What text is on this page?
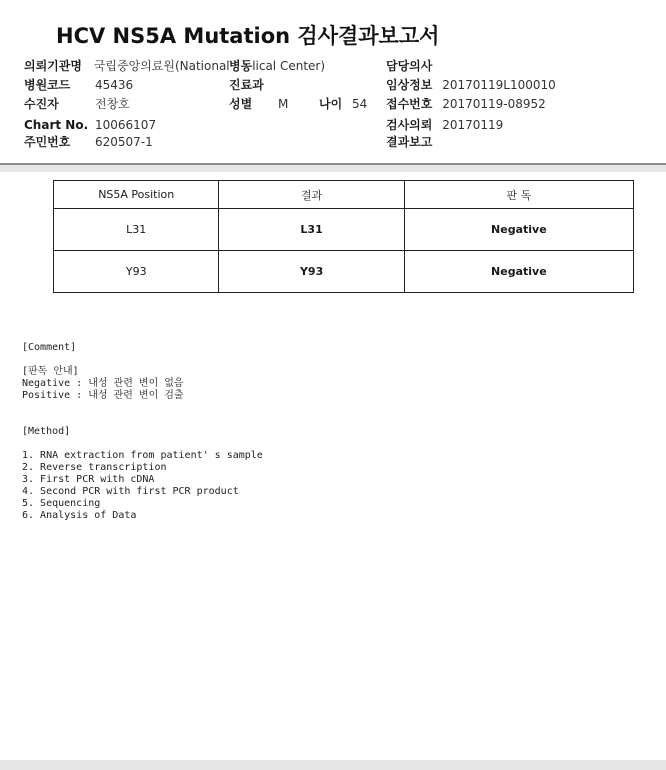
HCV NS5A Mutation 검사결과보고서
의뢰기관명 국립중앙의료원(National 병동lical Center)	담당의사
병원코드 45436	진료과	임상정보 20170119L100010
수진자	전창호	성별 M	나이 54 접수번호 20170119-08952
Chart No. 10066107	검사의뢰 20170119
주민번호 620507-1	결과보고
NS5A Position	결과	판 독
L31	L31	Negative
Y93	Y93	Negative
[Comment]
[판독 안내]
Negative : 내성 관련 변이 없음
Positive : 내성 관련 변이 검출
[Method]
1. RNA extraction from patient' s sample
2. Reverse transcription
3. First PCR with cDNA
4. Second PCR with first PCR product
5. Sequencing
6. Analysis of Data
